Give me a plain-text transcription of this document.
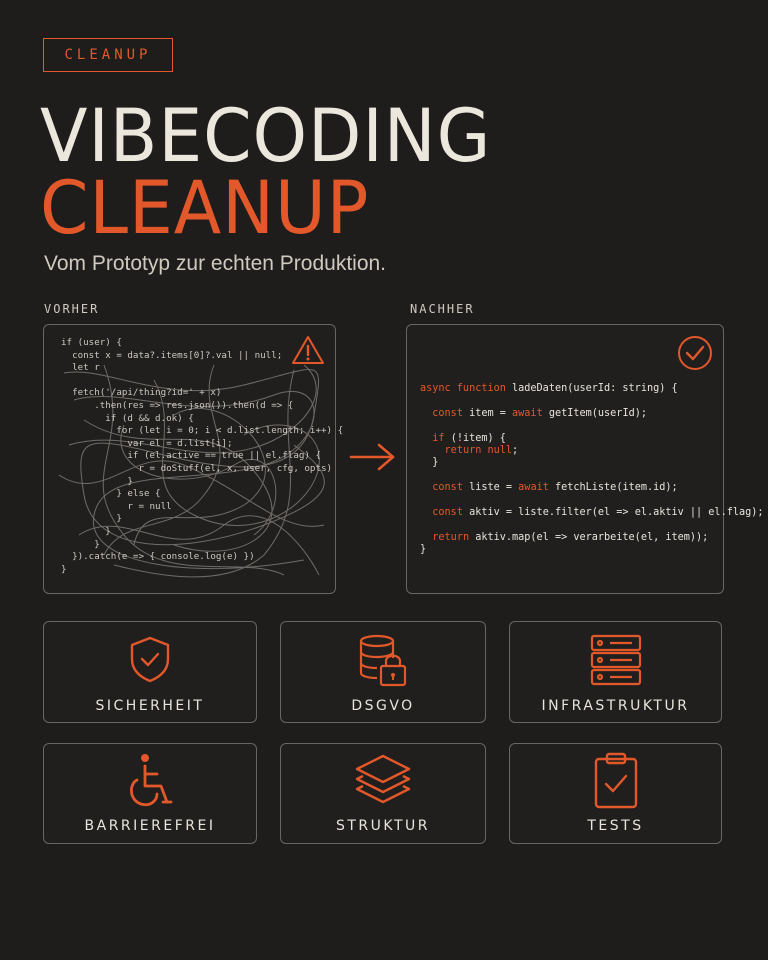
CLEANUP
VIBECODING
CLEANUP
Vom Prototyp zur echten Produktion.
VORHER	NACHHER
if (user) {
const x = data?.items[0]?.val || null;
let r

fetch('/api/thing?id=' + x)
.then(res => res.json()).then(d => {
if (d && d.ok) {
for (let i = 0; i < d.list.length; i++) {
var el = d.list[i];
if (el.active == true || el.flag) {
r = doStuff(el, x, user, cfg, opts)
}
} else {
r = null
}
}
}
}).catch(e => { console.log(e) })
}
async function ladeDaten(userId: string) {

const item = await getItem(userId);

if (!item) {
return null;
}

const liste = await fetchListe(item.id);

const aktiv = liste.filter(el => el.aktiv || el.flag);

return aktiv.map(el => verarbeite(el, item));
}
SICHERHEIT	DSGVO	INFRASTRUKTUR
BARRIEREFREI	STRUKTUR	TESTS
